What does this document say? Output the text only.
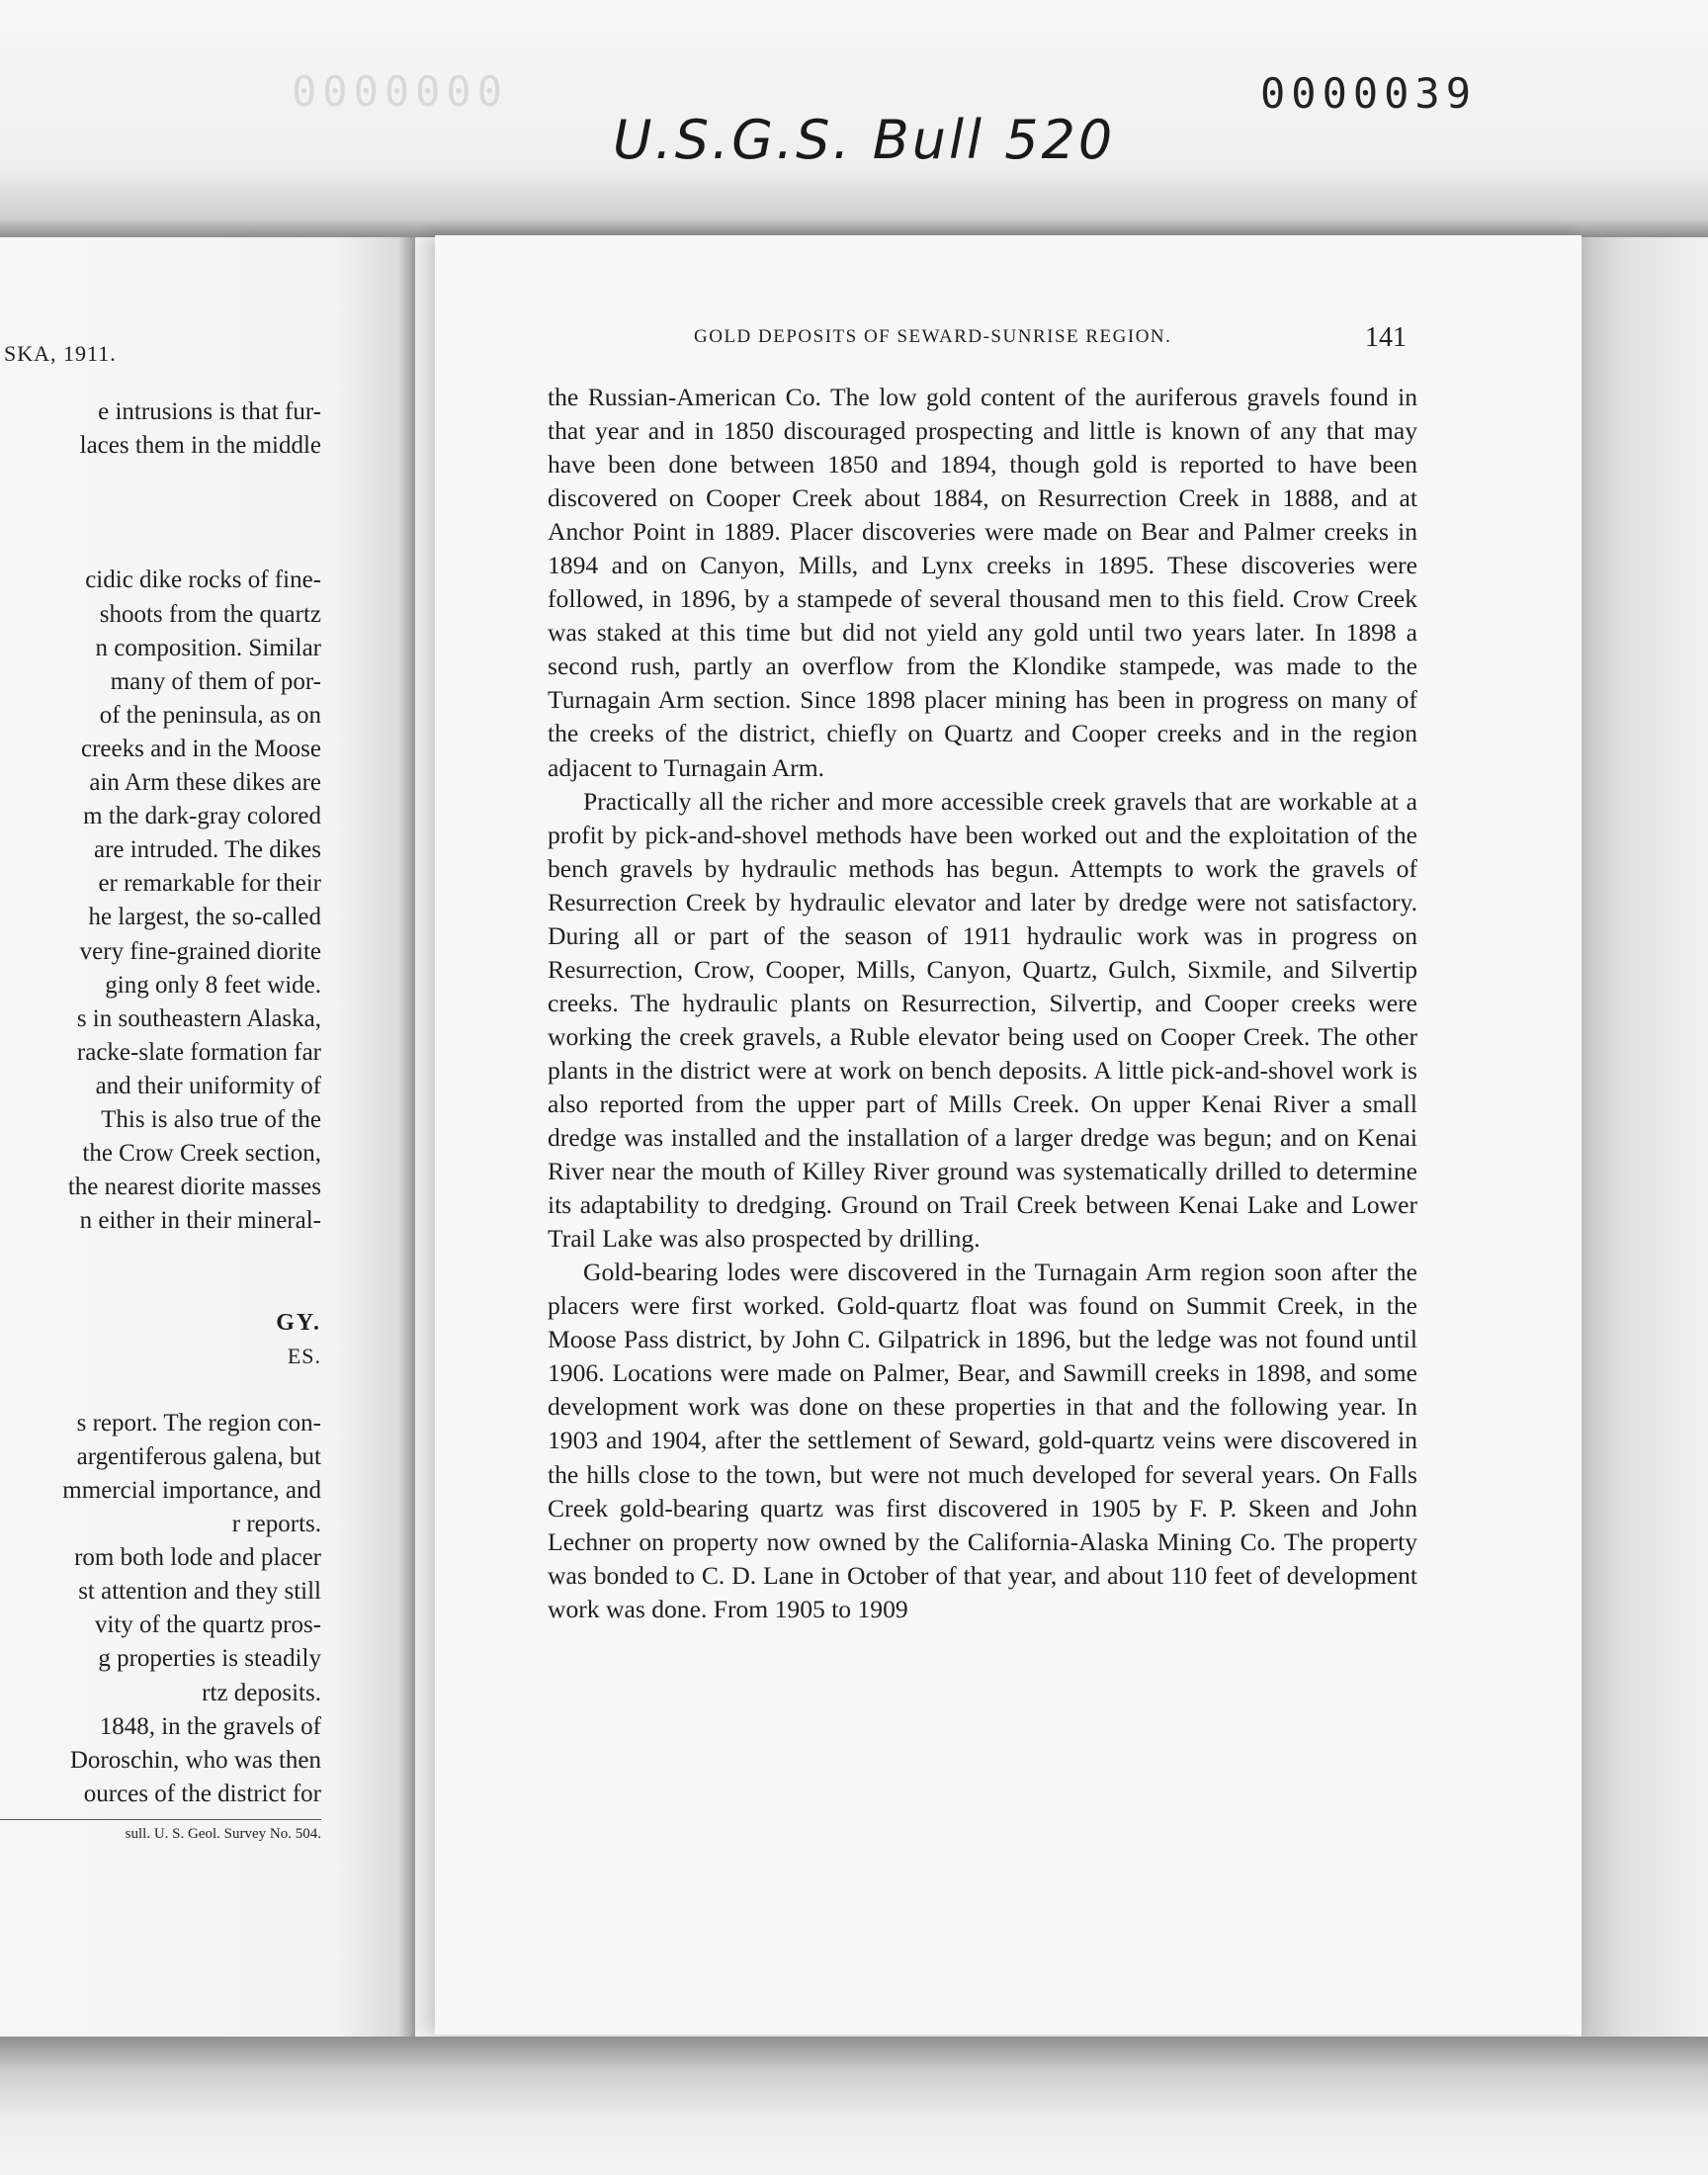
0000000	0000039
U.S.G.S. Bull 520
SKA, 1911.
e intrusions is that fur-
laces them in the middle
cidic dike rocks of fine-
shoots from the quartz
n composition. Similar
many of them of por-
of the peninsula, as on
creeks and in the Moose
ain Arm these dikes are
m the dark-gray colored
are intruded. The dikes
er remarkable for their
he largest, the so-called
very fine-grained diorite
ging only 8 feet wide.
s in southeastern Alaska,
racke-slate formation far
and their uniformity of
This is also true of the
the Crow Creek section,
the nearest diorite masses
n either in their mineral-
GY.
ES.
s report. The region con-
argentiferous galena, but
mmercial importance, and
r reports.
rom both lode and placer
st attention and they still
vity of the quartz pros-
g properties is steadily
rtz deposits.
1848, in the gravels of
Doroschin, who was then
ources of the district for
sull. U. S. Geol. Survey No. 504.
GOLD DEPOSITS OF SEWARD-SUNRISE REGION.	141

the Russian-American Co. The low gold content of the auriferous gravels found in that year and in 1850 discouraged prospecting and little is known of any that may have been done between 1850 and 1894, though gold is reported to have been discovered on Cooper Creek about 1884, on Resurrection Creek in 1888, and at Anchor Point in 1889. Placer discoveries were made on Bear and Palmer creeks in 1894 and on Canyon, Mills, and Lynx creeks in 1895. These discoveries were followed, in 1896, by a stampede of several thousand men to this field. Crow Creek was staked at this time but did not yield any gold until two years later. In 1898 a second rush, partly an overflow from the Klondike stampede, was made to the Turnagain Arm section. Since 1898 placer mining has been in progress on many of the creeks of the district, chiefly on Quartz and Cooper creeks and in the region adjacent to Turnagain Arm.

Practically all the richer and more accessible creek gravels that are workable at a profit by pick-and-shovel methods have been worked out and the exploitation of the bench gravels by hydraulic methods has begun. Attempts to work the gravels of Resurrection Creek by hydraulic elevator and later by dredge were not satisfactory. During all or part of the season of 1911 hydraulic work was in progress on Resurrection, Crow, Cooper, Mills, Canyon, Quartz, Gulch, Sixmile, and Silvertip creeks. The hydraulic plants on Resurrection, Silvertip, and Cooper creeks were working the creek gravels, a Ruble elevator being used on Cooper Creek. The other plants in the district were at work on bench deposits. A little pick-and-shovel work is also reported from the upper part of Mills Creek. On upper Kenai River a small dredge was installed and the installation of a larger dredge was begun; and on Kenai River near the mouth of Killey River ground was systematically drilled to determine its adaptability to dredging. Ground on Trail Creek between Kenai Lake and Lower Trail Lake was also prospected by drilling.

Gold-bearing lodes were discovered in the Turnagain Arm region soon after the placers were first worked. Gold-quartz float was found on Summit Creek, in the Moose Pass district, by John C. Gilpatrick in 1896, but the ledge was not found until 1906. Locations were made on Palmer, Bear, and Sawmill creeks in 1898, and some development work was done on these properties in that and the following year. In 1903 and 1904, after the settlement of Seward, gold-quartz veins were discovered in the hills close to the town, but were not much developed for several years. On Falls Creek gold-bearing quartz was first discovered in 1905 by F. P. Skeen and John Lechner on property now owned by the California-Alaska Mining Co. The property was bonded to C. D. Lane in October of that year, and about 110 feet of development work was done. From 1905 to 1909
